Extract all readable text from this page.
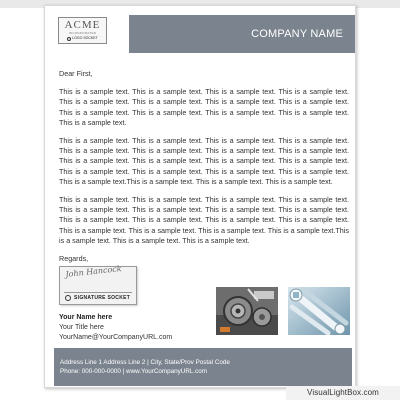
ACME
INCORPORATED
LOGO SOCKET	COMPANY NAME

Dear First,

This is a sample text. This is a sample text. This is a sample text. This is a sample text. This is a sample text. This is a sample text. This is a sample text. This is a sample text. This is a sample text. This is a sample text. This is a sample text. This is a sample text. This is a sample text.

This is a sample text. This is a sample text. This is a sample text. This is a sample text. This is a sample text. This is a sample text. This is a sample text. This is a sample text. This is a sample text. This is a sample text. This is a sample text. This is a sample text. This is a sample text. This is a sample text. This is a sample text. This is a sample text. This is a sample text.This is a sample text. This is a sample text. This is a sample text.

This is a sample text. This is a sample text. This is a sample text. This is a sample text. This is a sample text. This is a sample text. This is a sample text. This is a sample text. This is a sample text. This is a sample text. This is a sample text. This is a sample text. This is a sample text. This is a sample text. This is a sample text. This is a sample text.This is a sample text. This is a sample text. This is a sample text.

Regards,

John Hancock
SIGNATURE SOCKET
Your Name here
Your Title here
YourName@YourCompanyURL.com
Address Line 1 Address Line 2 | City, State/Prov Postal Code
Phone: 000-000-0000 | www.YourCompanyURL.com
VisualLightBox.com
